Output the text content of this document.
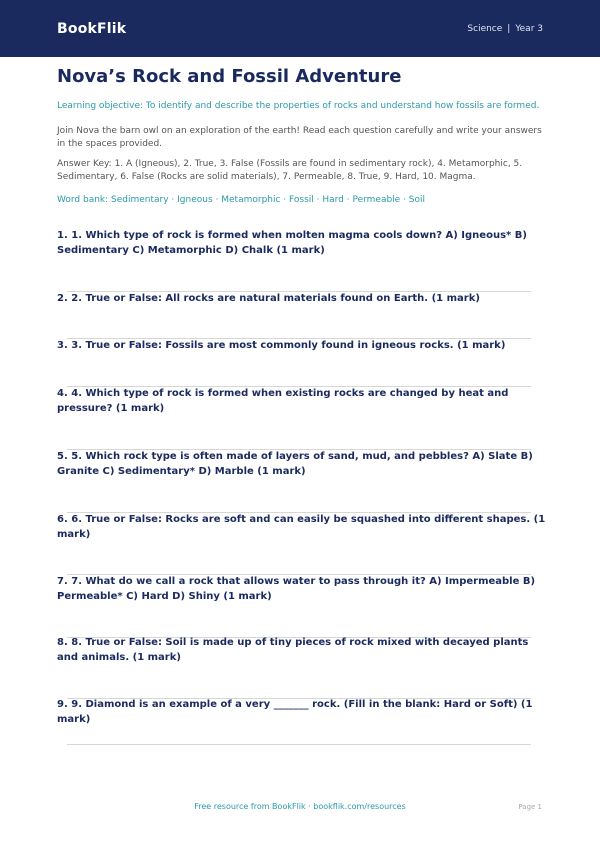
BookFlik	Science | Year 3
Nova’s Rock and Fossil Adventure
Learning objective: To identify and describe the properties of rocks and understand how fossils are formed.
Join Nova the barn owl on an exploration of the earth! Read each question carefully and write your answers in the spaces provided.
Answer Key: 1. A (Igneous), 2. True, 3. False (Fossils are found in sedimentary rock), 4. Metamorphic, 5. Sedimentary, 6. False (Rocks are solid materials), 7. Permeable, 8. True, 9. Hard, 10. Magma.
Word bank: Sedimentary · Igneous · Metamorphic · Fossil · Hard · Permeable · Soil
1. 1. Which type of rock is formed when molten magma cools down? A) Igneous* B) Sedimentary C) Metamorphic D) Chalk (1 mark)
2. 2. True or False: All rocks are natural materials found on Earth. (1 mark)
3. 3. True or False: Fossils are most commonly found in igneous rocks. (1 mark)
4. 4. Which type of rock is formed when existing rocks are changed by heat and pressure? (1 mark)
5. 5. Which rock type is often made of layers of sand, mud, and pebbles? A) Slate B) Granite C) Sedimentary* D) Marble (1 mark)
6. 6. True or False: Rocks are soft and can easily be squashed into different shapes. (1 mark)
7. 7. What do we call a rock that allows water to pass through it? A) Impermeable B) Permeable* C) Hard D) Shiny (1 mark)
8. 8. True or False: Soil is made up of tiny pieces of rock mixed with decayed plants and animals. (1 mark)
9. 9. Diamond is an example of a very _______ rock. (Fill in the blank: Hard or Soft) (1 mark)
Free resource from BookFlik · bookflik.com/resources	Page 1
